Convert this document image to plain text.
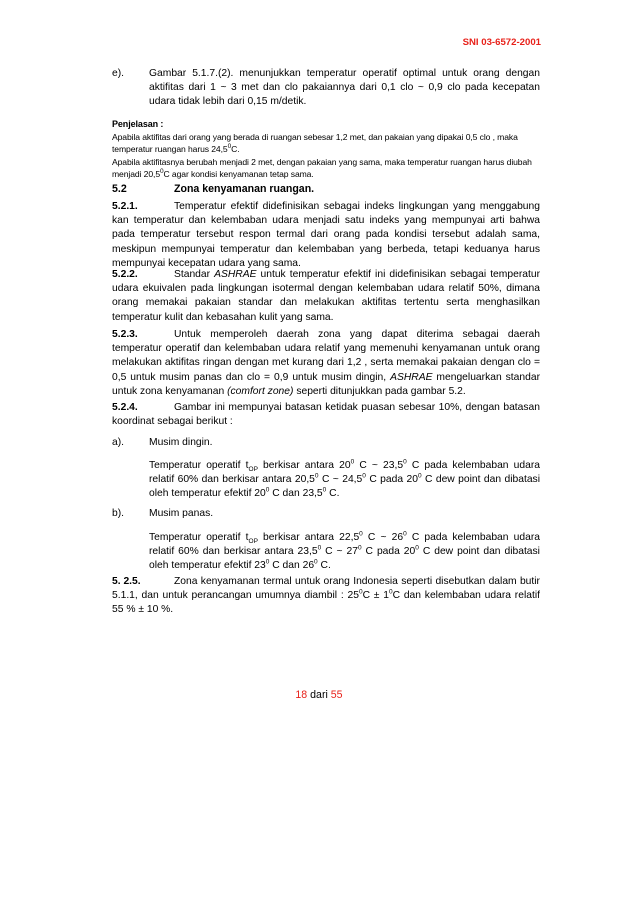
SNI 03-6572-2001
e). Gambar 5.1.7.(2). menunjukkan temperatur operatif optimal untuk orang dengan aktifitas dari 1 ~ 3 met dan clo pakaiannya dari 0,1 clo ~ 0,9 clo pada kecepatan udara tidak lebih dari 0,15 m/detik.
Penjelasan :
Apabila aktifitas dari orang yang berada di ruangan sebesar 1,2 met, dan pakaian yang dipakai 0,5 clo , maka temperatur ruangan harus 24,5$^0$C.
Apabila aktifitasnya berubah menjadi 2 met, dengan pakaian yang sama, maka temperatur ruangan harus diubah menjadi 20,5$^0$C agar kondisi kenyamanan tetap sama.
5.2	Zona kenyamanan ruangan.
5.2.1.	Temperatur efektif didefinisikan sebagai indeks lingkungan yang menggabung kan temperatur dan kelembaban udara menjadi satu indeks yang mempunyai arti bahwa pada temperatur tersebut respon termal dari orang pada kondisi tersebut adalah sama, meskipun mempunyai temperatur dan kelembaban yang berbeda, tetapi keduanya harus mempunyai kecepatan udara yang sama.
5.2.2.	Standar ASHRAE untuk temperatur efektif ini didefinisikan sebagai temperatur udara ekuivalen pada lingkungan isotermal dengan kelembaban udara relatif 50%, dimana orang memakai pakaian standar dan melakukan aktifitas tertentu serta menghasilkan temperatur kulit dan kebasahan kulit yang sama.
5.2.3.	Untuk memperoleh daerah zona yang dapat diterima sebagai daerah temperatur operatif dan kelembaban udara relatif yang memenuhi kenyamanan untuk orang melakukan aktifitas ringan dengan met kurang dari 1,2 , serta memakai pakaian dengan clo = 0,5 untuk musim panas dan clo = 0,9 untuk musim dingin, ASHRAE mengeluarkan standar untuk zona kenyamanan (comfort zone) seperti ditunjukkan pada gambar 5.2.
5.2.4.	Gambar ini mempunyai batasan ketidak puasan sebesar 10%, dengan batasan koordinat sebagai berikut :
a). Musim dingin.
Temperatur operatif $t_{OP}$ berkisar antara $20^0$ C ~ 23,5$^0$ C pada kelembaban udara relatif 60% dan berkisar antara 20,5$^0$ C ~ 24,5$^0$ C pada $20^0$ C dew point dan dibatasi oleh temperatur efektif $20^0$ C dan 23,5$^0$ C.
b). Musim panas.
Temperatur operatif $t_{OP}$ berkisar antara 22,5$^0$ C ~ $26^0$ C pada kelembaban udara relatif 60% dan berkisar antara 23,5$^0$ C ~ $27^0$ C pada $20^0$ C dew point dan dibatasi oleh temperatur efektif $23^0$ C dan $26^0$ C.
5. 2.5.	Zona kenyamanan termal untuk orang Indonesia seperti disebutkan dalam butir 5.1.1, dan untuk perancangan umumnya diambil : $25^0C \pm 1^0C$ dan kelembaban udara relatif 55 % ± 10 %.
18 dari 55
